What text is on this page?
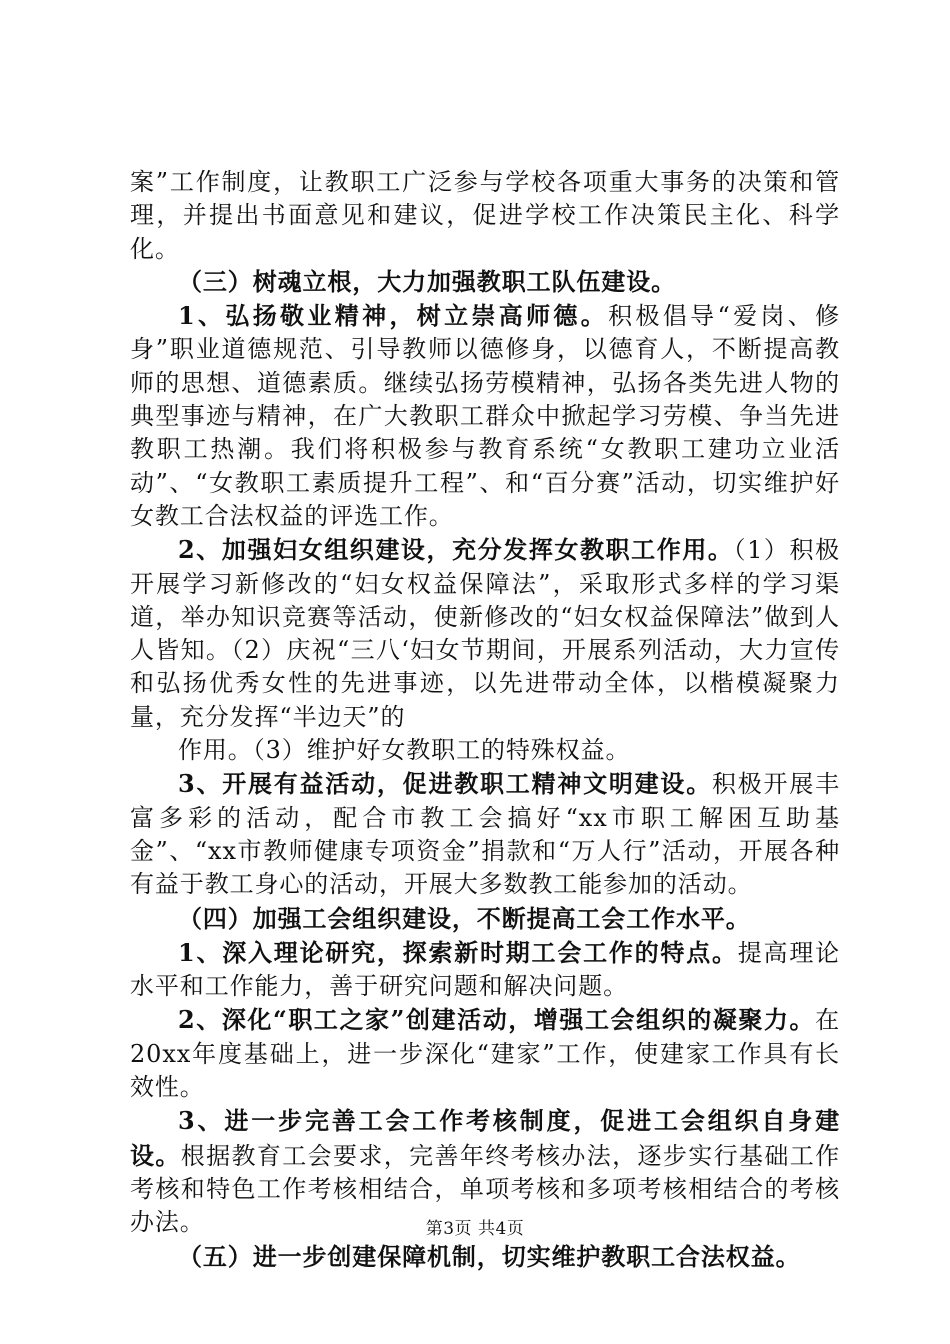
案”工作制度，让教职工广泛参与学校各项重大事务的决策和管理，并提出书面意见和建议，促进学校工作决策民主化、科学化。

（三）树魂立根，大力加强教职工队伍建设。

1、弘扬敬业精神，树立崇高师德。积极倡导“爱岗、修身”职业道德规范、引导教师以德修身，以德育人，不断提高教师的思想、道德素质。继续弘扬劳模精神，弘扬各类先进人物的典型事迹与精神，在广大教职工群众中掀起学习劳模、争当先进教职工热潮。我们将积极参与教育系统“女教职工建功立业活动”、“女教职工素质提升工程”、和“百分赛”活动，切实维护好女教工合法权益的评选工作。

2、加强妇女组织建设，充分发挥女教职工作用。（1）积极开展学习新修改的“妇女权益保障法”，采取形式多样的学习渠道，举办知识竞赛等活动，使新修改的“妇女权益保障法”做到人人皆知。（2）庆祝“三八‘妇女节期间，开展系列活动，大力宣传和弘扬优秀女性的先进事迹，以先进带动全体，以楷模凝聚力量，充分发挥“半边天”的

作用。（3）维护好女教职工的特殊权益。

3、开展有益活动，促进教职工精神文明建设。积极开展丰富多彩的活动，配合市教工会搞好“xx市职工解困互助基金”、“xx市教师健康专项资金”捐款和“万人行”活动，开展各种有益于教工身心的活动，开展大多数教工能参加的活动。

（四）加强工会组织建设，不断提高工会工作水平。

1、深入理论研究，探索新时期工会工作的特点。提高理论水平和工作能力，善于研究问题和解决问题。

2、深化“职工之家”创建活动，增强工会组织的凝聚力。在20xx年度基础上，进一步深化“建家”工作，使建家工作具有长效性。

3、进一步完善工会工作考核制度，促进工会组织自身建设。根据教育工会要求，完善年终考核办法，逐步实行基础工作考核和特色工作考核相结合，单项考核和多项考核相结合的考核办法。

（五）进一步创建保障机制，切实维护教职工合法权益。

第3页 共4页
